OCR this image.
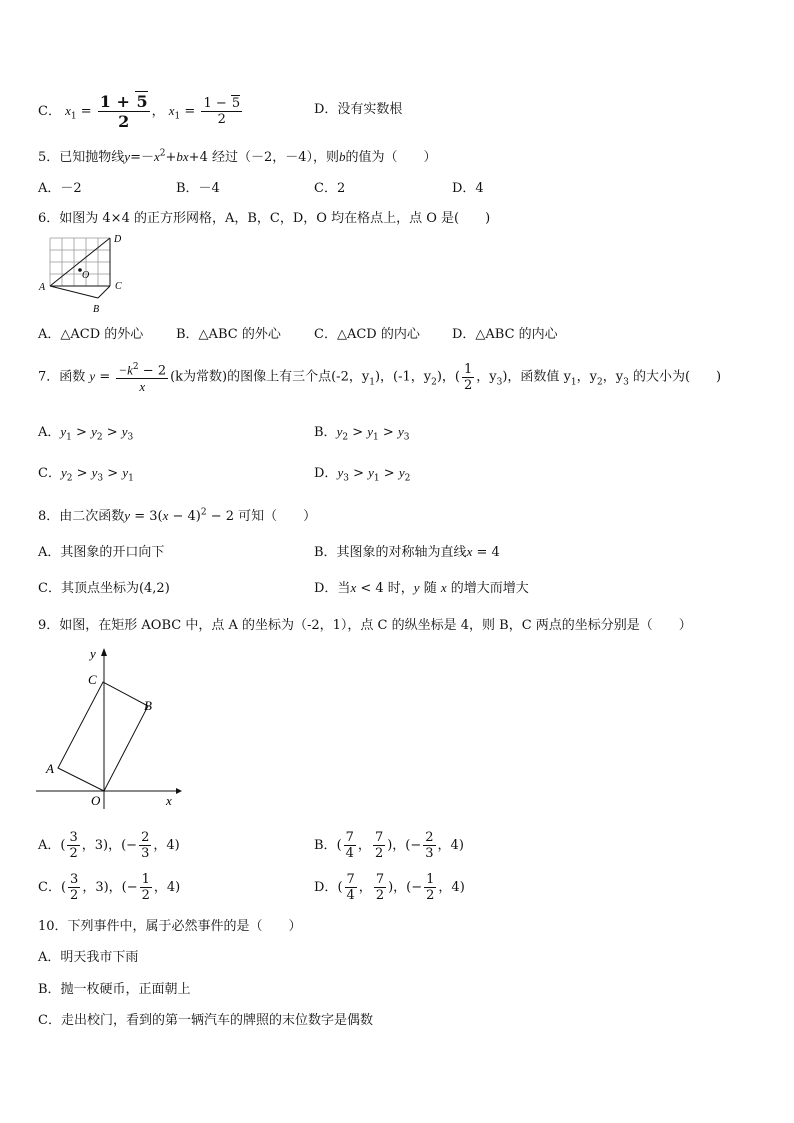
C． $x_1 = \frac{1 + 5}{2}$ ， $x_1 = \frac{1 - 5}{2}$	D．没有实数根
5．已知抛物线$y=-x^2+bx+4$ 经过（－2，－4），则b的值为（　　）
A．－2	B．－4	C．2	D．4
6．如图为 4×4 的正方形网格，A，B，C，D，O 均在格点上，点 O 是(　　)
A
B
C
D
O
A．△ACD 的外心	B．△ABC 的外心	C．△ACD 的内心 D．△ABC 的内心
7．函数 $y = \frac{-k^2 - 2}{x} (k$为常数)的图像上有三个点(-2，$y_1$)，(-1，$y_2$)，( $\frac{1}{2}$ ，$y_3$)，函数值 $y_1$，$y_2$，$y_3$ 的大小为(　　)
A．$y_1 > y_2 > y_3$	B．$y_2 > y_1 > y_3$
C．$y_2 > y_3 > y_1$	D．$y_3 > y_1 > y_2$
8．由二次函数$y = 3(x - 4)^2 - 2$ 可知（　　）
A．其图象的开口向下	B．其图象的对称轴为直线x = 4
C．其顶点坐标为(4,2)	D．当x < 4 时，y 随 x 的增大而增大
9．如图，在矩形 AOBC 中，点 A 的坐标为（-2，1），点 C 的纵坐标是 4，则 B，C 两点的坐标分别是（　　）
A
B
C
O	x
y
A．( $\frac{3}{2}$ ，3)，(− $\frac{2}{3}$ ，4)	B．( $\frac{7}{4}$ ， $\frac{7}{2}$ )，(− $\frac{2}{3}$ ，4)
C．( $\frac{3}{2}$ ，3)，(− $\frac{1}{2}$ ，4)	D．( $\frac{7}{4}$ ， $\frac{7}{2}$ )，(− $\frac{1}{2}$ ，4)
10．下列事件中，属于必然事件的是（　　）
A．明天我市下雨
B．抛一枚硬币，正面朝上
C．走出校门，看到的第一辆汽车的牌照的末位数字是偶数
